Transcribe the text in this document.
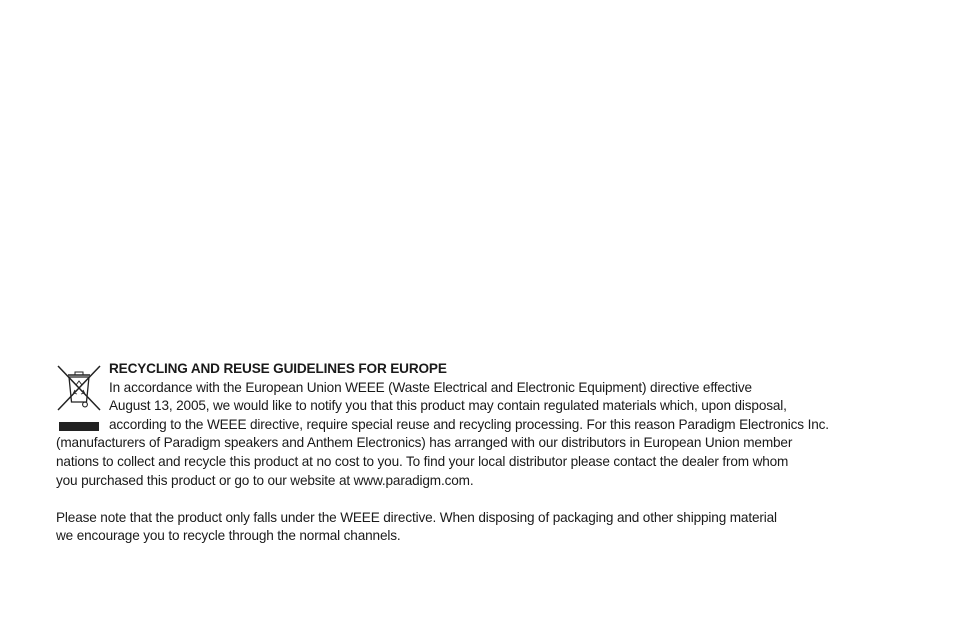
RECYCLING AND REUSE GUIDELINES FOR EUROPE
In accordance with the European Union WEEE (Waste Electrical and Electronic Equipment) directive effective
August 13, 2005, we would like to notify you that this product may contain regulated materials which, upon disposal,
according to the WEEE directive, require special reuse and recycling processing. For this reason Paradigm Electronics Inc.
(manufacturers of Paradigm speakers and Anthem Electronics) has arranged with our distributors in European Union member
nations to collect and recycle this product at no cost to you. To find your local distributor please contact the dealer from whom
you purchased this product or go to our website at www.paradigm.com.
Please note that the product only falls under the WEEE directive. When disposing of packaging and other shipping material
we encourage you to recycle through the normal channels.
